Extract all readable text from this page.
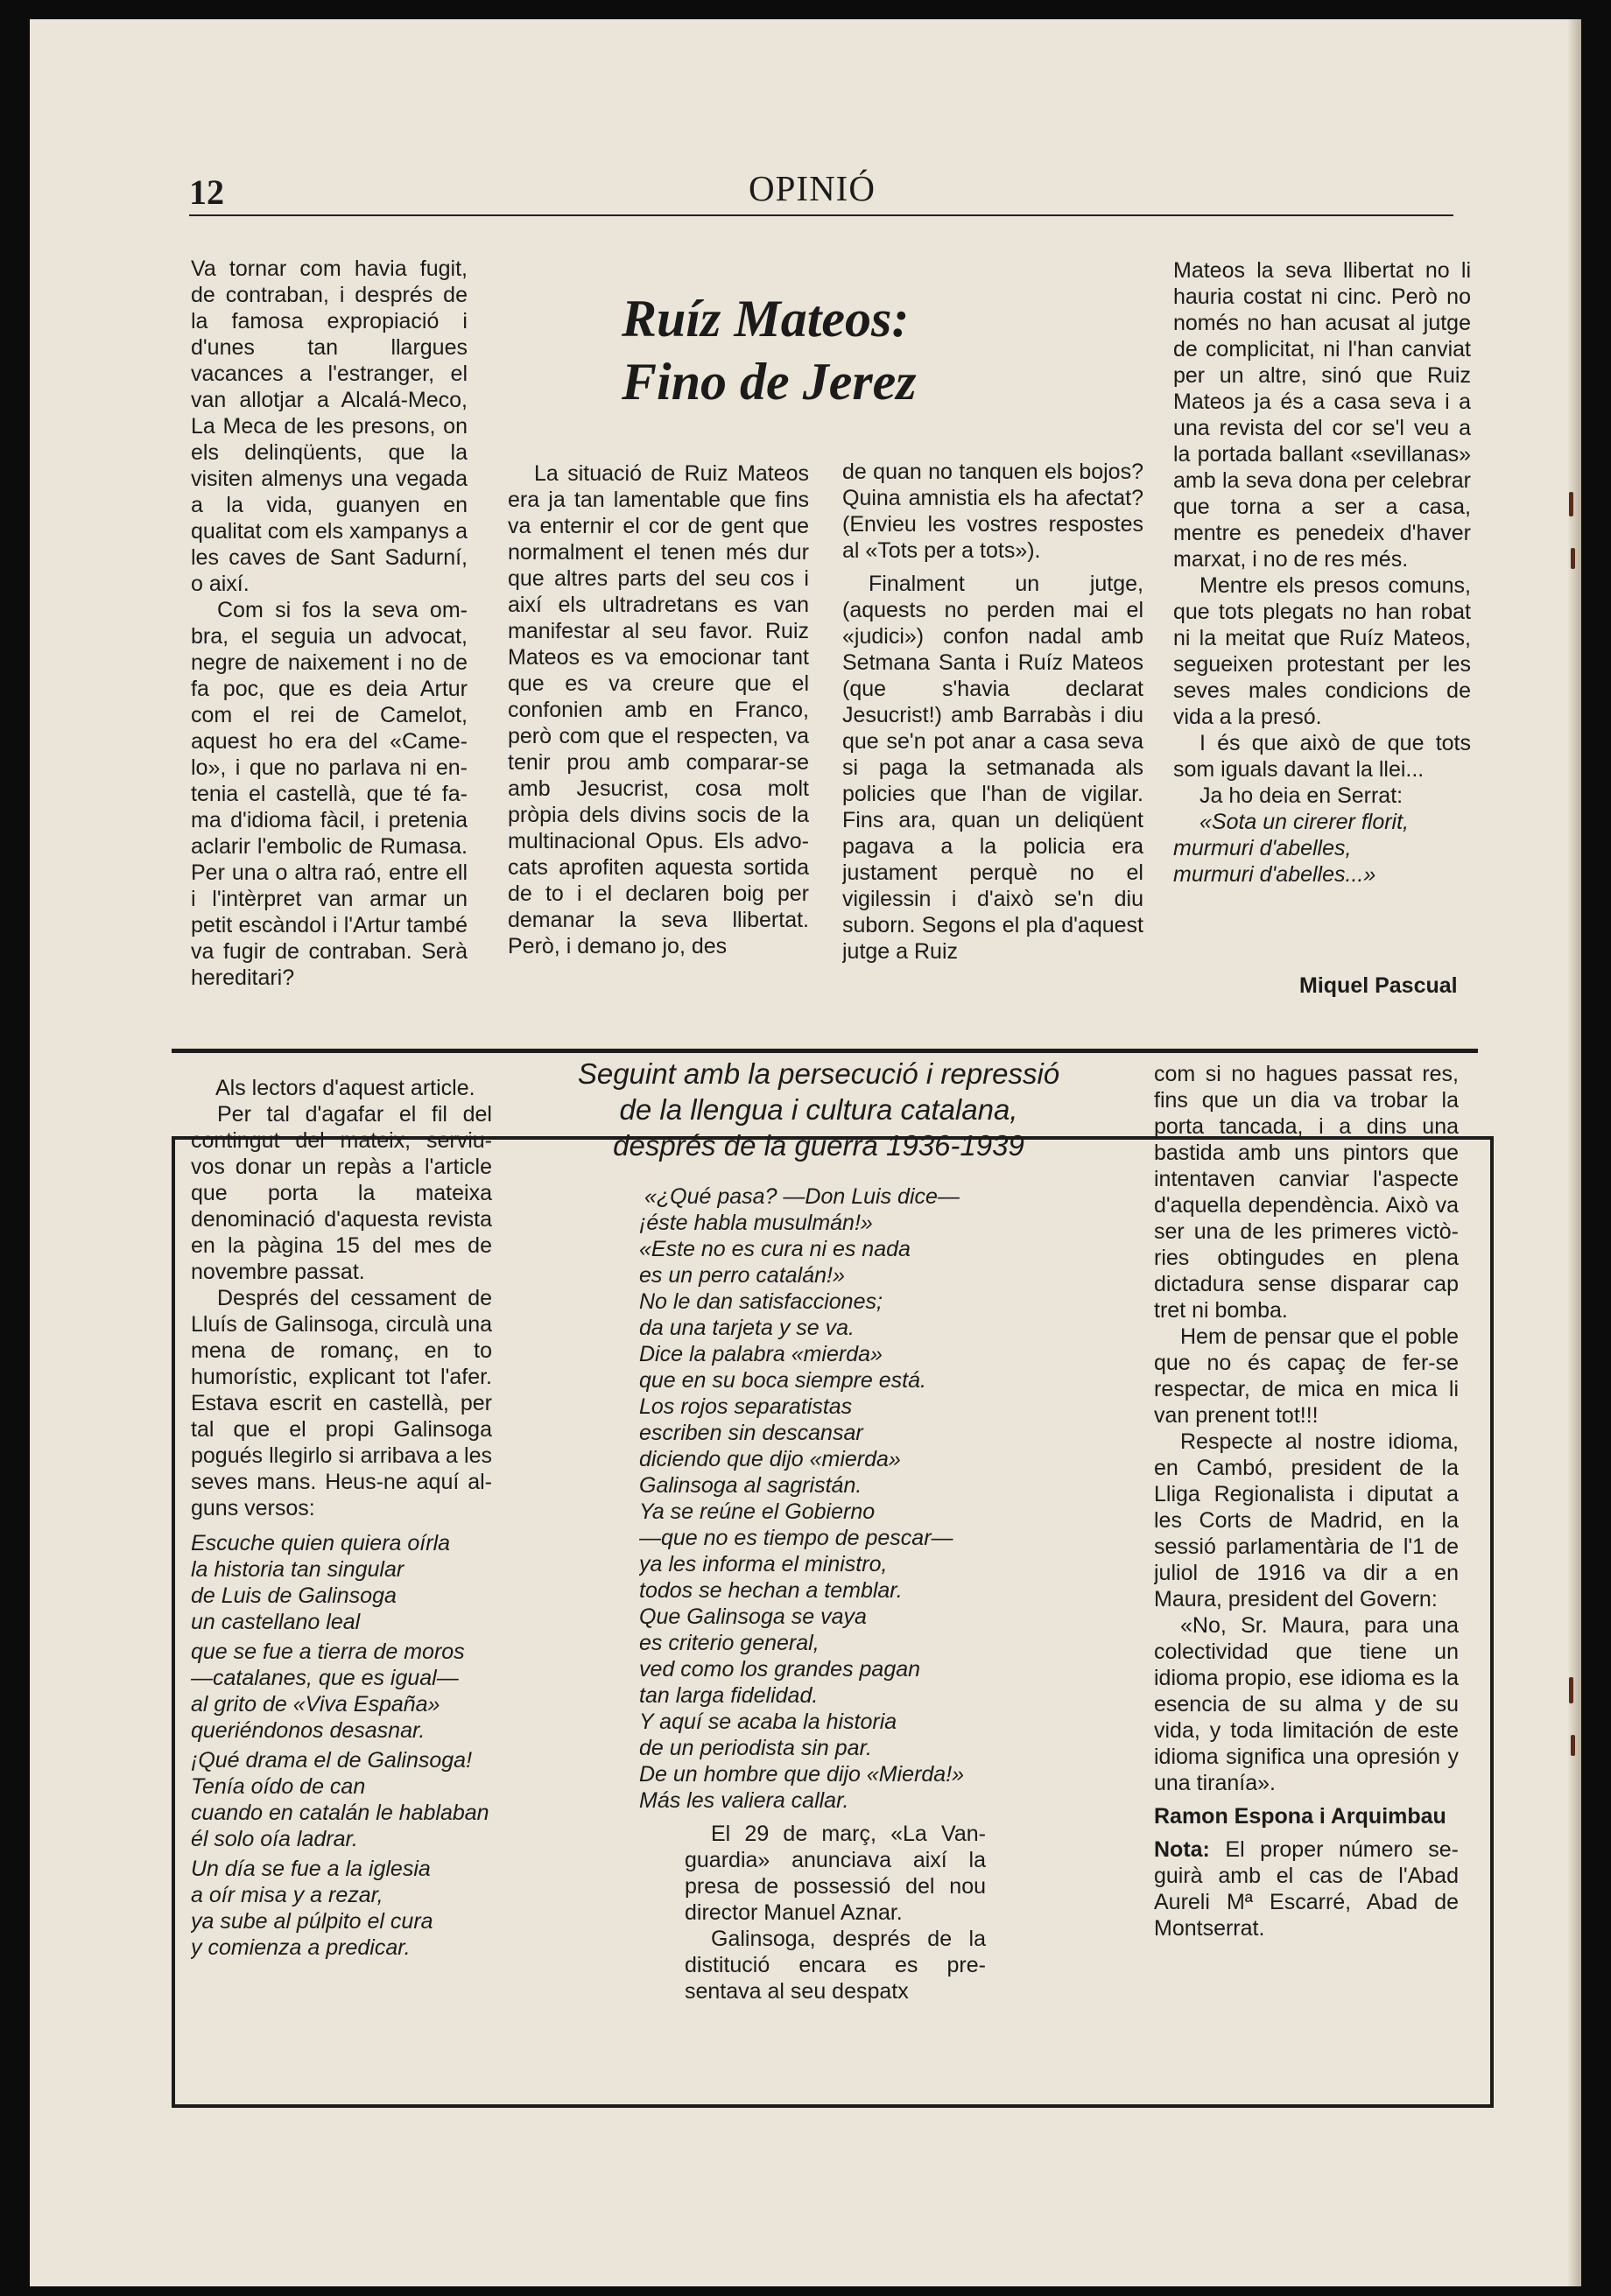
12	OPINIÓ
Ruíz Mateos:
Fino de Jerez

Va tornar com havia fugit, de contraban, i després de la famosa expropiació i d'unes tan llargues vacances a l'estranger, el van allotjar a Alcalá-Meco, La Meca de les presons, on els delinqüents, que la visiten almenys una vegada a la vida, guanyen en qualitat com els xampanys a les caves de Sant Sadurní, o així.

Com si fos la seva ombra, el seguia un advocat, negre de naixement i no de fa poc, que es deia Artur com el rei de Camelot, aquest ho era del «Camelo», i que no parlava ni entenia el castellà, que té fama d'idioma fàcil, i pretenia aclarir l'embolic de Rumasa. Per una o altra raó, entre ell i l'intèrpret van armar un petit escàndol i l'Artur també va fugir de contraban. Serà hereditari?

La situació de Ruiz Mateos era ja tan lamentable que fins va enternir el cor de gent que normalment el tenen més dur que altres parts del seu cos i així els ultradretans es van manifestar al seu favor. Ruiz Mateos es va emocionar tant que es va creure que el confonien amb en Franco, però com que el respecten, va tenir prou amb comparar-se amb Jesucrist, cosa molt pròpia dels divins socis de la multinacional Opus. Els advocats aprofiten aquesta sortida de to i el declaren boig per demanar la seva llibertat. Però, i demano jo, des

de quan no tanquen els bojos? Quina amnistia els ha afectat? (Envieu les vostres respostes al «Tots per a tots»).

Finalment un jutge, (aquests no perden mai el «judici») confon nadal amb Setmana Santa i Ruíz Mateos (que s'havia declarat Jesucrist!) amb Barrabàs i diu que se'n pot anar a casa seva si paga la setmanada als policies que l'han de vigilar. Fins ara, quan un deliqüent pagava a la policia era justament perquè no el vigilessin i d'això se'n diu suborn. Segons el pla d'aquest jutge a Ruiz

Mateos la seva llibertat no li hauria costat ni cinc. Però no només no han acusat al jutge de complicitat, ni l'han canviat per un altre, sinó que Ruiz Mateos ja és a casa seva i a una revista del cor se'l veu a la portada ballant «sevillanas» amb la seva dona per celebrar que torna a ser a casa, mentre es penedeix d'haver marxat, i no de res més.

Mentre els presos comuns, que tots plegats no han robat ni la meitat que Ruíz Mateos, segueixen protestant per les seves males condicions de vida a la presó.

I és que això de que tots som iguals davant la llei...

Ja ho deia en Serrat:

«Sota un cirerer florit,

murmuri d'abelles,

murmuri d'abelles...»

Miquel Pascual
Seguint amb la persecució i repressió
de la llengua i cultura catalana,
després de la guerra 1936-1939

Als lectors d'aquest article.

Per tal d'agafar el fil del contingut del mateix, serviu-vos donar un repàs a l'article que porta la mateixa denominació d'aquesta revista en la pàgina 15 del mes de novembre passat.

Després del cessament de Lluís de Galinsoga, circulà una mena de romanç, en to humorístic, explicant tot l'afer. Estava escrit en castellà, per tal que el propi Galinsoga pogués llegirlo si arribava a les seves mans. Heus-ne aquí alguns versos:

Escuche quien quiera oírla

la historia tan singular

de Luis de Galinsoga

un castellano leal

que se fue a tierra de moros

—catalanes, que es igual—

al grito de «Viva España»

queriéndonos desasnar.

¡Qué drama el de Galinsoga!

Tenía oído de can

cuando en catalán le hablaban

él solo oía ladrar.

Un día se fue a la iglesia

a oír misa y a rezar,

ya sube al púlpito el cura

y comienza a predicar.

«¿Qué pasa? —Don Luis dice—

¡éste habla musulmán!»

«Este no es cura ni es nada

es un perro catalán!»

No le dan satisfacciones;

da una tarjeta y se va.

Dice la palabra «mierda»

que en su boca siempre está.

Los rojos separatistas

escriben sin descansar

diciendo que dijo «mierda»

Galinsoga al sagristán.

Ya se reúne el Gobierno

—que no es tiempo de pescar—

ya les informa el ministro,

todos se hechan a temblar.

Que Galinsoga se vaya

es criterio general,

ved como los grandes pagan

tan larga fidelidad.

Y aquí se acaba la historia

de un periodista sin par.

De un hombre que dijo «Mierda!»

Más les valiera callar.

El 29 de març, «La Vanguardia» anunciava així la presa de possessió del nou director Manuel Aznar.

Galinsoga, després de la distitució encara es presentava al seu despatx

com si no hagues passat res, fins que un dia va trobar la porta tancada, i a dins una bastida amb uns pintors que intentaven canviar l'aspecte d'aquella dependència. Això va ser una de les primeres victòries obtingudes en plena dictadura sense disparar cap tret ni bomba.

Hem de pensar que el poble que no és capaç de fer-se respectar, de mica en mica li van prenent tot!!!

Respecte al nostre idioma, en Cambó, president de la Lliga Regionalista i diputat a les Corts de Madrid, en la sessió parlamentària de l'1 de juliol de 1916 va dir a en Maura, president del Govern:

«No, Sr. Maura, para una colectividad que tiene un idioma propio, ese idioma es la esencia de su alma y de su vida, y toda limitación de este idioma significa una opresión y una tiranía».

Ramon Espona i Arquimbau

Nota: El proper número seguirà amb el cas de l'Abad Aureli Mª Escarré, Abad de Montserrat.
